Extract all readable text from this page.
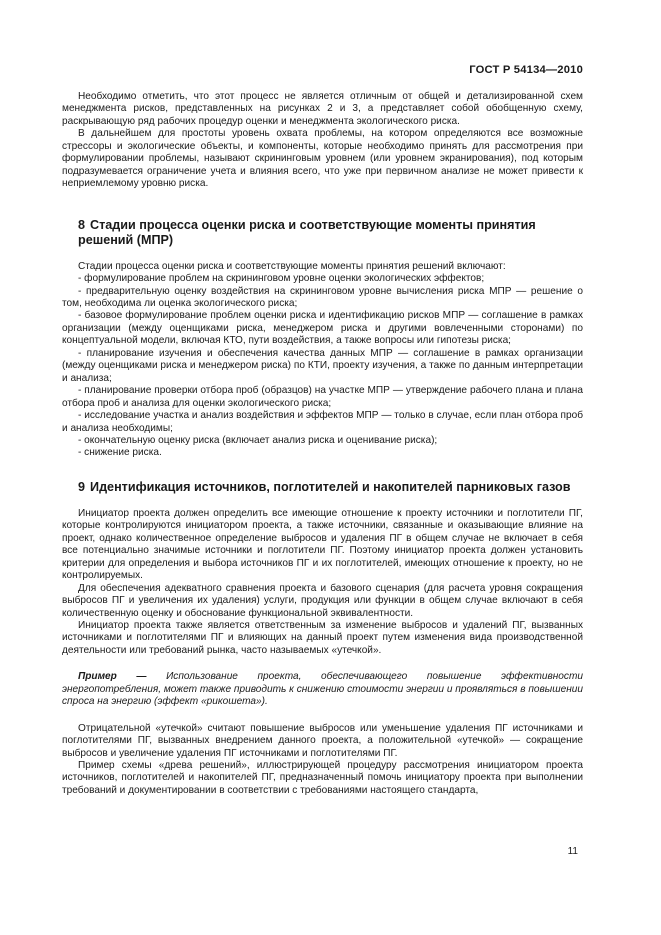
ГОСТ Р 54134—2010

Необходимо отметить, что этот процесс не является отличным от общей и детализированной схем менеджмента рисков, представленных на рисунках 2 и 3, а представляет собой обобщенную схему, раскрывающую ряд рабочих процедур оценки и менеджмента экологического риска.

В дальнейшем для простоты уровень охвата проблемы, на котором определяются все возможные стрессоры и экологические объекты, и компоненты, которые необходимо принять для рассмотрения при формулировании проблемы, называют скрининговым уровнем (или уровнем экранирования), под которым подразумевается ограничение учета и влияния всего, что уже при первичном анализе не может привести к неприемлемому уровню риска.

8 Стадии процесса оценки риска и соответствующие моменты принятия решений (МПР)

Стадии процесса оценки риска и соответствующие моменты принятия решений включают:

- формулирование проблем на скрининговом уровне оценки экологических эффектов;

- предварительную оценку воздействия на скрининговом уровне вычисления риска МПР — решение о том, необходима ли оценка экологического риска;

- базовое формулирование проблем оценки риска и идентификацию рисков МПР — соглашение в рамках организации (между оценщиками риска, менеджером риска и другими вовлеченными сторонами) по концептуальной модели, включая КТО, пути воздействия, а также вопросы или гипотезы риска;

- планирование изучения и обеспечения качества данных МПР — соглашение в рамках организации (между оценщиками риска и менеджером риска) по КТИ, проекту изучения, а также по данным интерпретации и анализа;

- планирование проверки отбора проб (образцов) на участке МПР — утверждение рабочего плана и плана отбора проб и анализа для оценки экологического риска;

- исследование участка и анализ воздействия и эффектов МПР — только в случае, если план отбора проб и анализа необходимы;

- окончательную оценку риска (включает анализ риска и оценивание риска);

- снижение риска.

9 Идентификация источников, поглотителей и накопителей парниковых газов

Инициатор проекта должен определить все имеющие отношение к проекту источники и поглотители ПГ, которые контролируются инициатором проекта, а также источники, связанные и оказывающие влияние на проект, однако количественное определение выбросов и удаления ПГ в общем случае не включает в себя все потенциально значимые источники и поглотители ПГ. Поэтому инициатор проекта должен установить критерии для определения и выбора источников ПГ и их поглотителей, имеющих отношение к проекту, но не контролируемых.

Для обеспечения адекватного сравнения проекта и базового сценария (для расчета уровня сокращения выбросов ПГ и увеличения их удаления) услуги, продукция или функции в общем случае включают в себя количественную оценку и обоснование функциональной эквивалентности.

Инициатор проекта также является ответственным за изменение выбросов и удалений ПГ, вызванных источниками и поглотителями ПГ и влияющих на данный проект путем изменения вида производственной деятельности или требований рынка, часто называемых «утечкой».

Пример — Использование проекта, обеспечивающего повышение эффективности энергопотребления, может также приводить к снижению стоимости энергии и проявляться в повышении спроса на энергию (эффект «рикошета»).

Отрицательной «утечкой» считают повышение выбросов или уменьшение удаления ПГ источниками и поглотителями ПГ, вызванных внедрением данного проекта, а положительной «утечкой» — сокращение выбросов и увеличение удаления ПГ источниками и поглотителями ПГ.

Пример схемы «древа решений», иллюстрирующей процедуру рассмотрения инициатором проекта источников, поглотителей и накопителей ПГ, предназначенный помочь инициатору проекта при выполнении требований и документировании в соответствии с требованиями настоящего стандарта,

11
